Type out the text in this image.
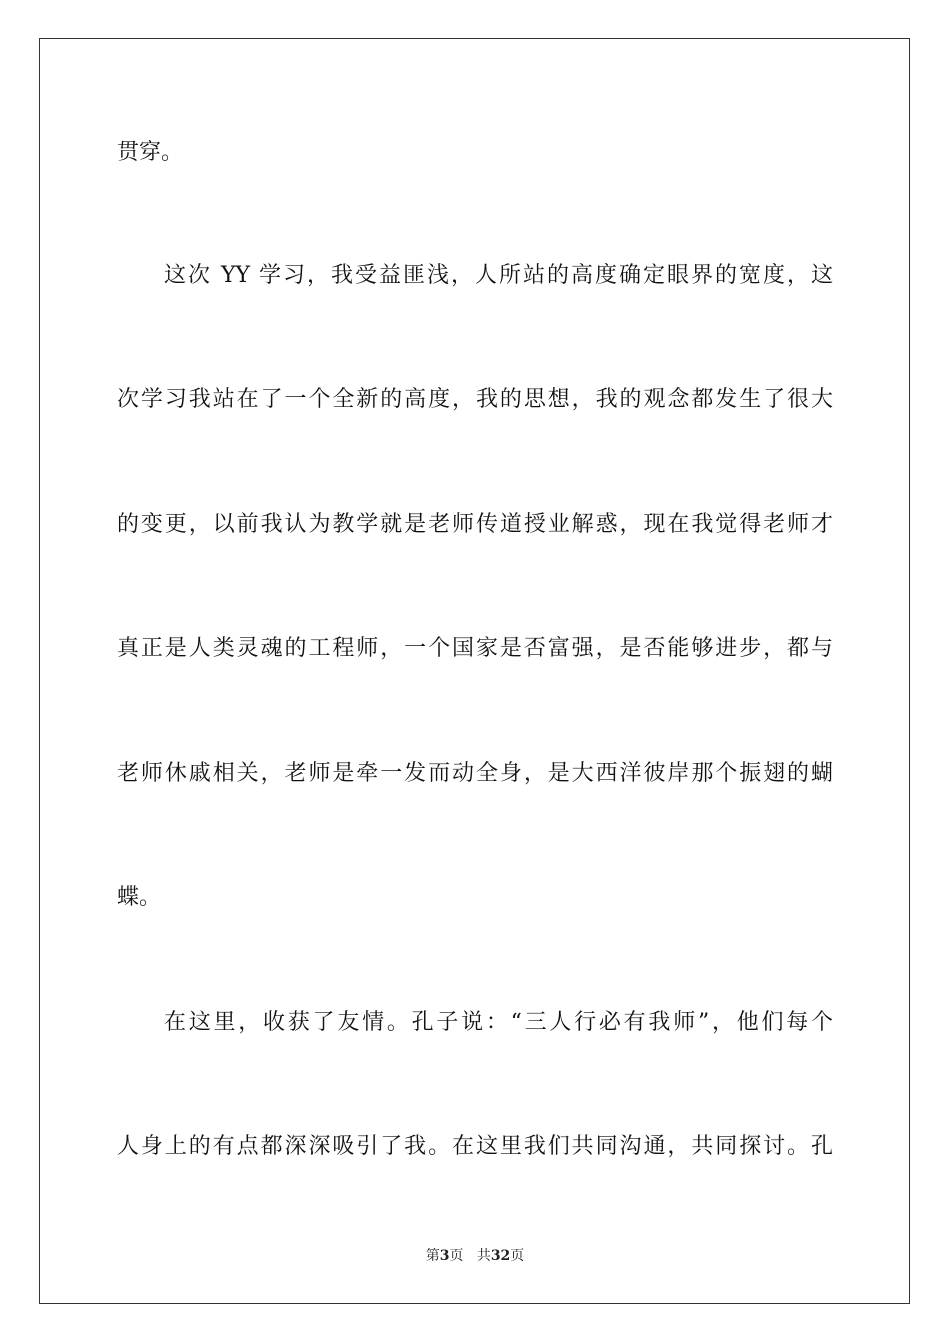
贯穿。
这次 YY 学习，我受益匪浅，人所站的高度确定眼界的宽度，这
次学习我站在了一个全新的高度，我的思想，我的观念都发生了很大
的变更，以前我认为教学就是老师传道授业解惑，现在我觉得老师才
真正是人类灵魂的工程师，一个国家是否富强，是否能够进步，都与
老师休戚相关，老师是牵一发而动全身，是大西洋彼岸那个振翅的蝴
蝶。
在这里，收获了友情。孔子说：“三人行必有我师”，他们每个
人身上的有点都深深吸引了我。在这里我们共同沟通，共同探讨。孔
第3页 共32页
